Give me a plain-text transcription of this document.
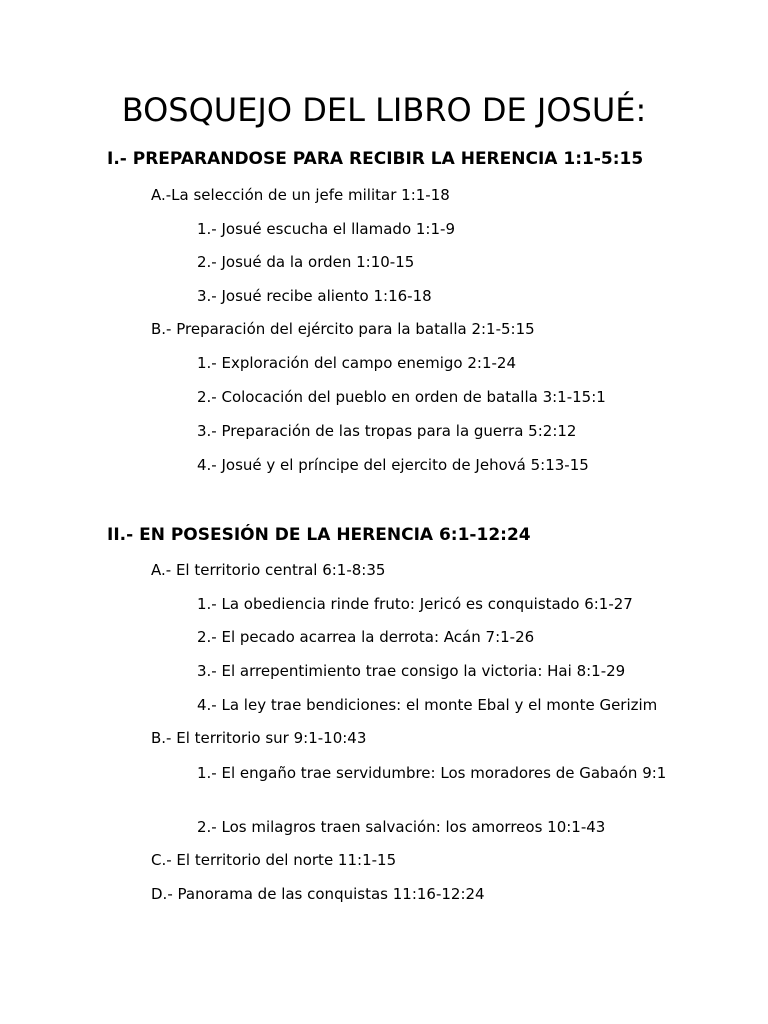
BOSQUEJO DEL LIBRO DE JOSUÉ:
I.- PREPARANDOSE PARA RECIBIR LA HERENCIA 1:1-5:15

A.-La selección de un jefe militar 1:1-18

1.- Josué escucha el llamado 1:1-9

2.- Josué da la orden 1:10-15

3.- Josué recibe aliento 1:16-18

B.- Preparación del ejército para la batalla 2:1-5:15

1.- Exploración del campo enemigo 2:1-24

2.- Colocación del pueblo en orden de batalla 3:1-15:1

3.- Preparación de las tropas para la guerra 5:2:12

4.- Josué y el príncipe del ejercito de Jehová 5:13-15

II.- EN POSESIÓN DE LA HERENCIA 6:1-12:24

A.- El territorio central 6:1-8:35

1.- La obediencia rinde fruto: Jericó es conquistado 6:1-27

2.- El pecado acarrea la derrota: Acán 7:1-26

3.- El arrepentimiento trae consigo la victoria: Hai 8:1-29

4.- La ley trae bendiciones: el monte Ebal y el monte Gerizim

B.- El territorio sur 9:1-10:43

1.- El engaño trae servidumbre: Los moradores de Gabaón 9:1

2.- Los milagros traen salvación: los amorreos 10:1-43

C.- El territorio del norte 11:1-15

D.- Panorama de las conquistas 11:16-12:24
